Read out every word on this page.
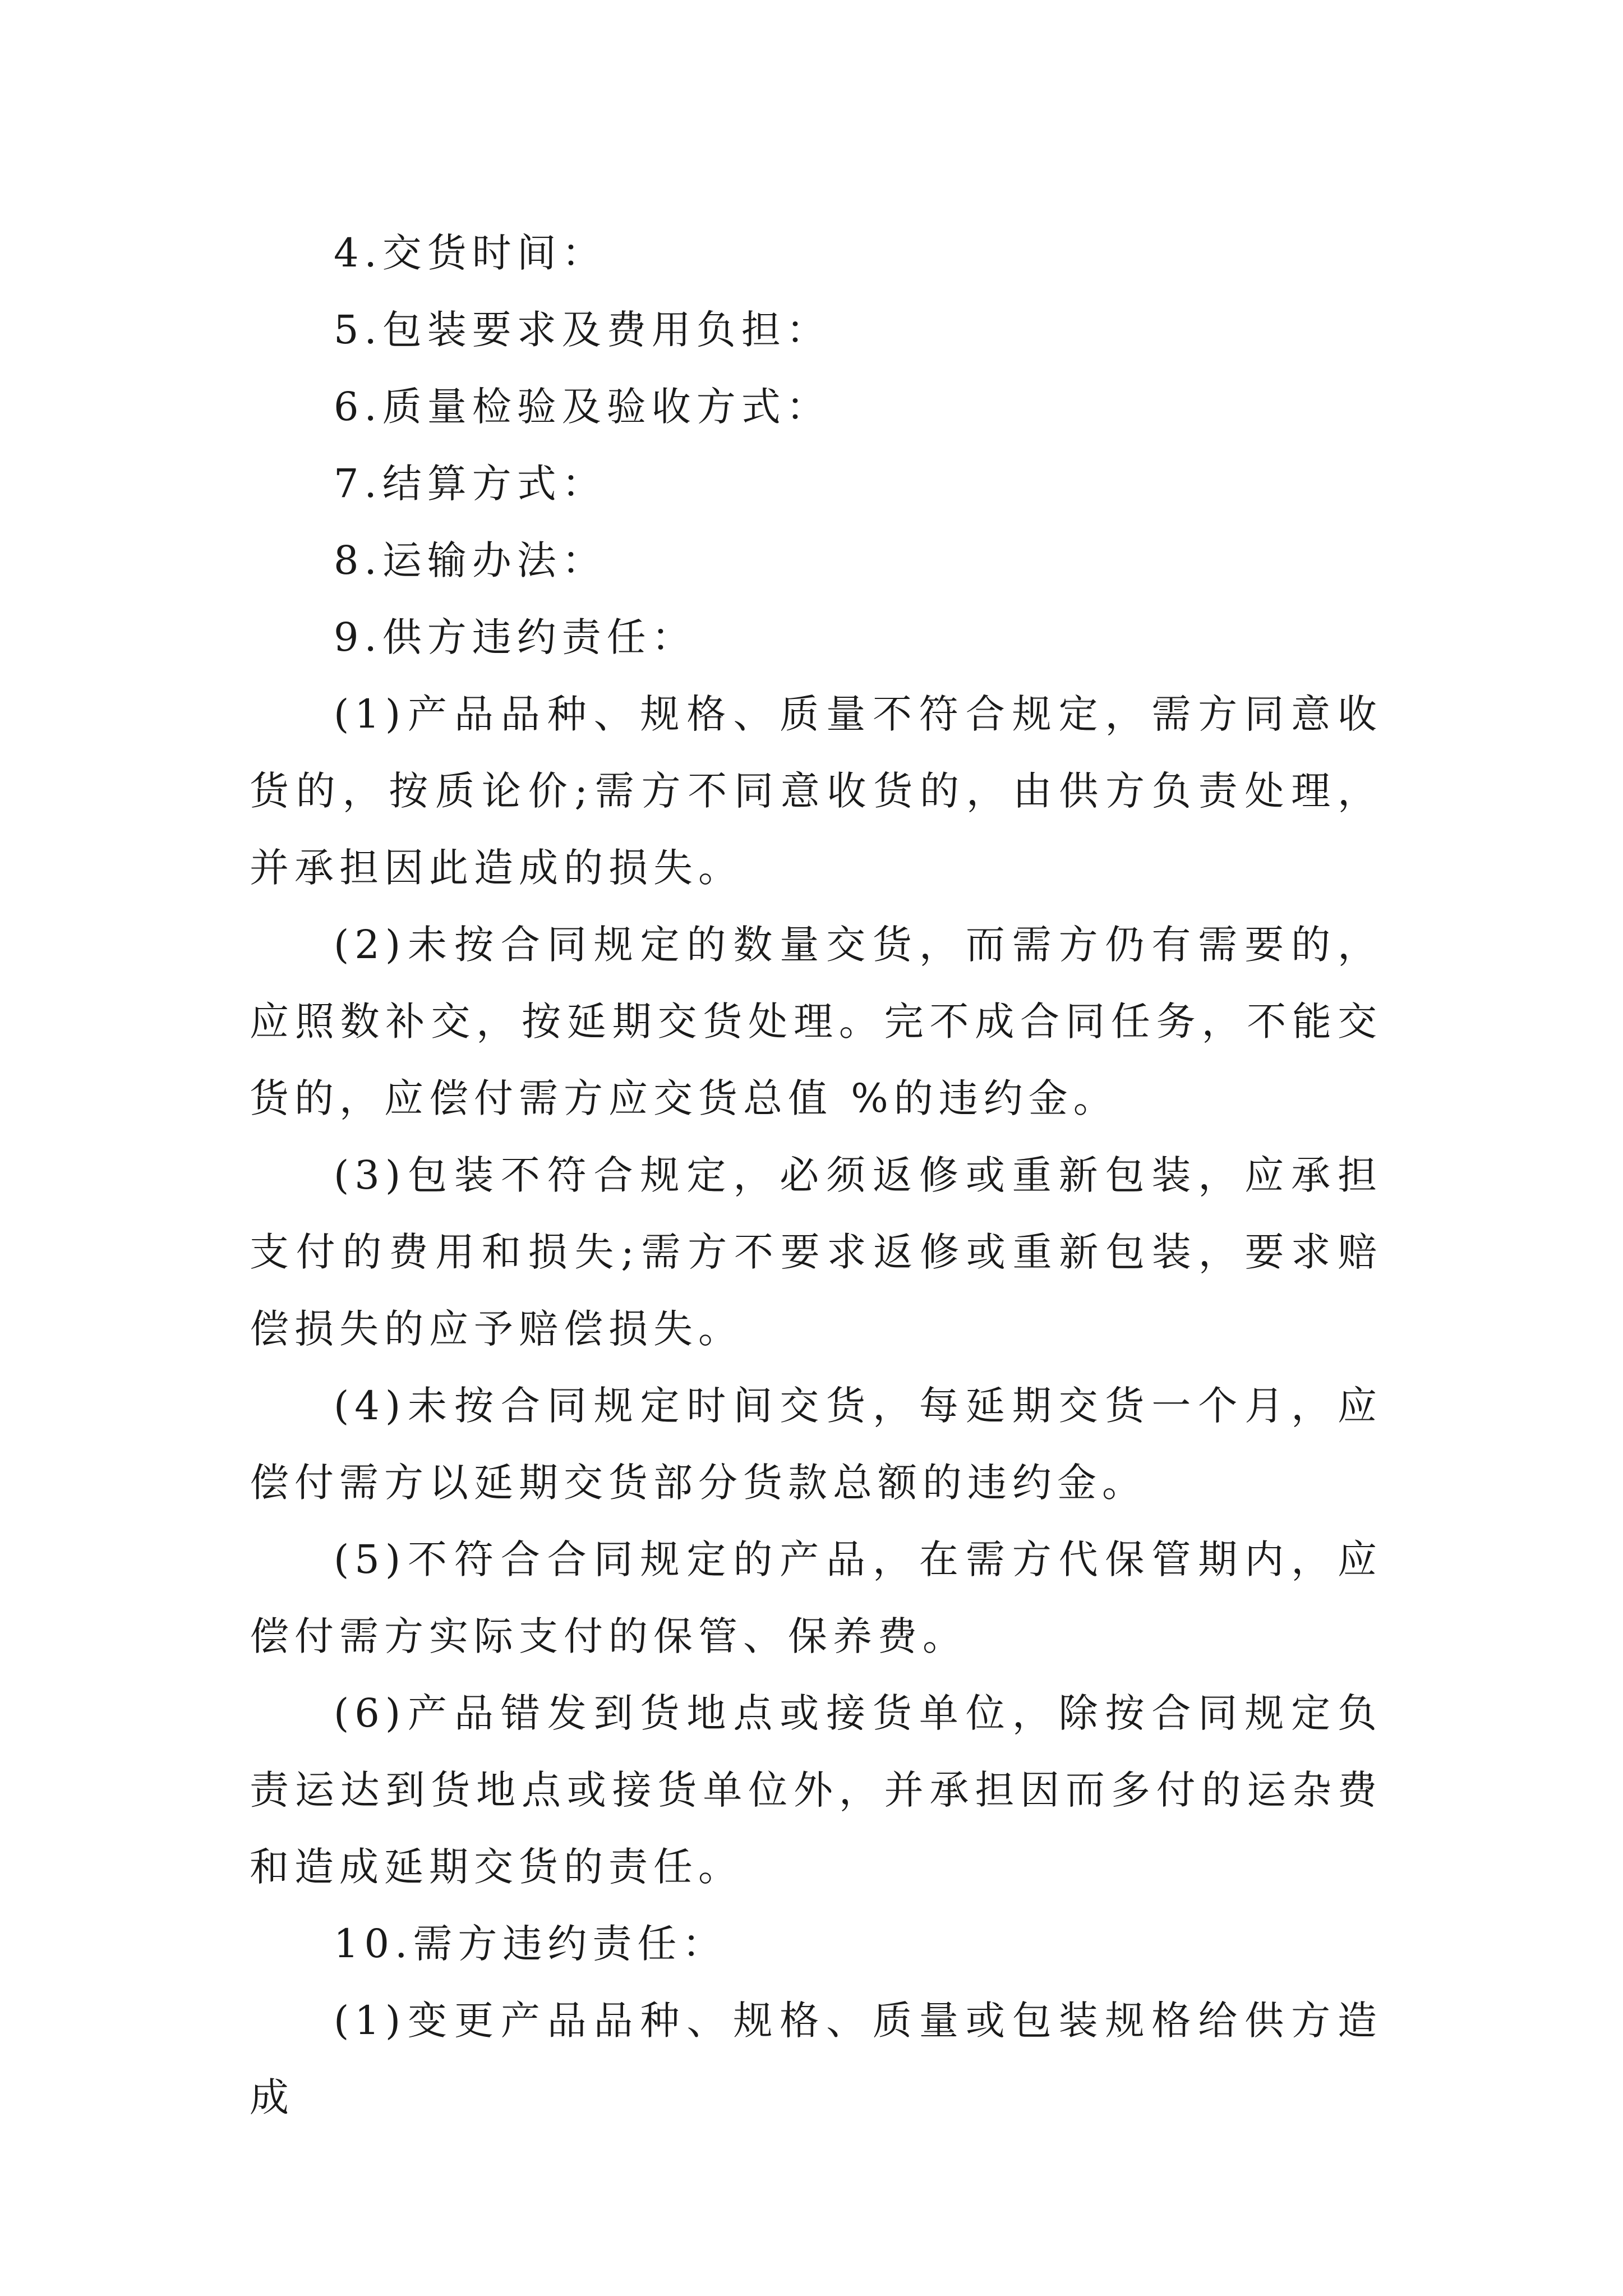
4.交货时间：

5.包装要求及费用负担：

6.质量检验及验收方式：

7.结算方式：

8.运输办法：

9.供方违约责任：

(1)产品品种、规格、质量不符合规定，需方同意收货的，按质论价;需方不同意收货的，由供方负责处理，并承担因此造成的损失。

(2)未按合同规定的数量交货，而需方仍有需要的，应照数补交，按延期交货处理。完不成合同任务，不能交货的，应偿付需方应交货总值 %的违约金。

(3)包装不符合规定，必须返修或重新包装，应承担支付的费用和损失;需方不要求返修或重新包装，要求赔偿损失的应予赔偿损失。

(4)未按合同规定时间交货，每延期交货一个月，应偿付需方以延期交货部分货款总额的违约金。

(5)不符合合同规定的产品，在需方代保管期内，应偿付需方实际支付的保管、保养费。

(6)产品错发到货地点或接货单位，除按合同规定负责运达到货地点或接货单位外，并承担因而多付的运杂费和造成延期交货的责任。

10.需方违约责任：

(1)变更产品品种、规格、质量或包装规格给供方造成
